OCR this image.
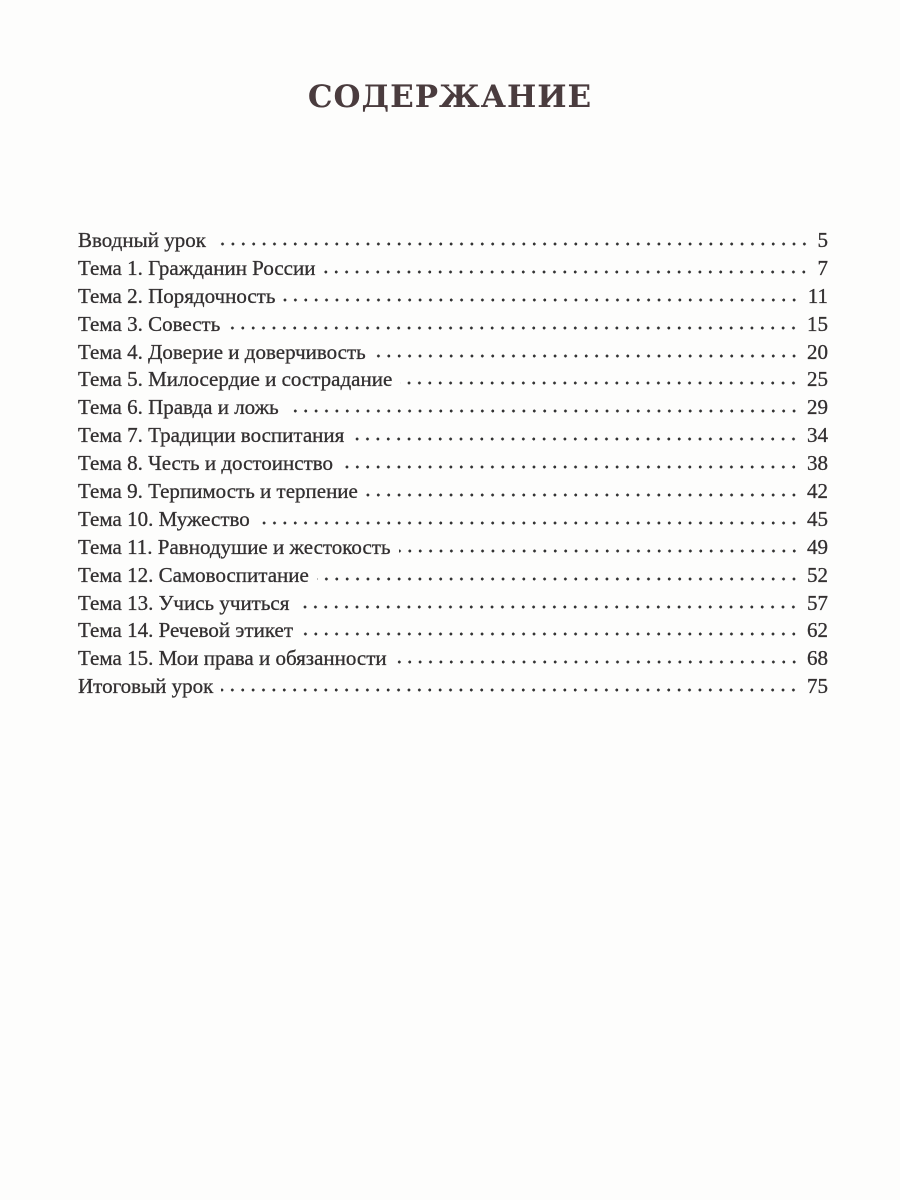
СОДЕРЖАНИЕ
Вводный урок	5
Тема 1. Гражданин России	7
Тема 2. Порядочность	11
Тема 3. Совесть	15
Тема 4. Доверие и доверчивость	20
Тема 5. Милосердие и сострадание	25
Тема 6. Правда и ложь	29
Тема 7. Традиции воспитания	34
Тема 8. Честь и достоинство	38
Тема 9. Терпимость и терпение	42
Тема 10. Мужество	45
Тема 11. Равнодушие и жестокость	49
Тема 12. Самовоспитание	52
Тема 13. Учись учиться	57
Тема 14. Речевой этикет	62
Тема 15. Мои права и обязанности	68
Итоговый урок	75
